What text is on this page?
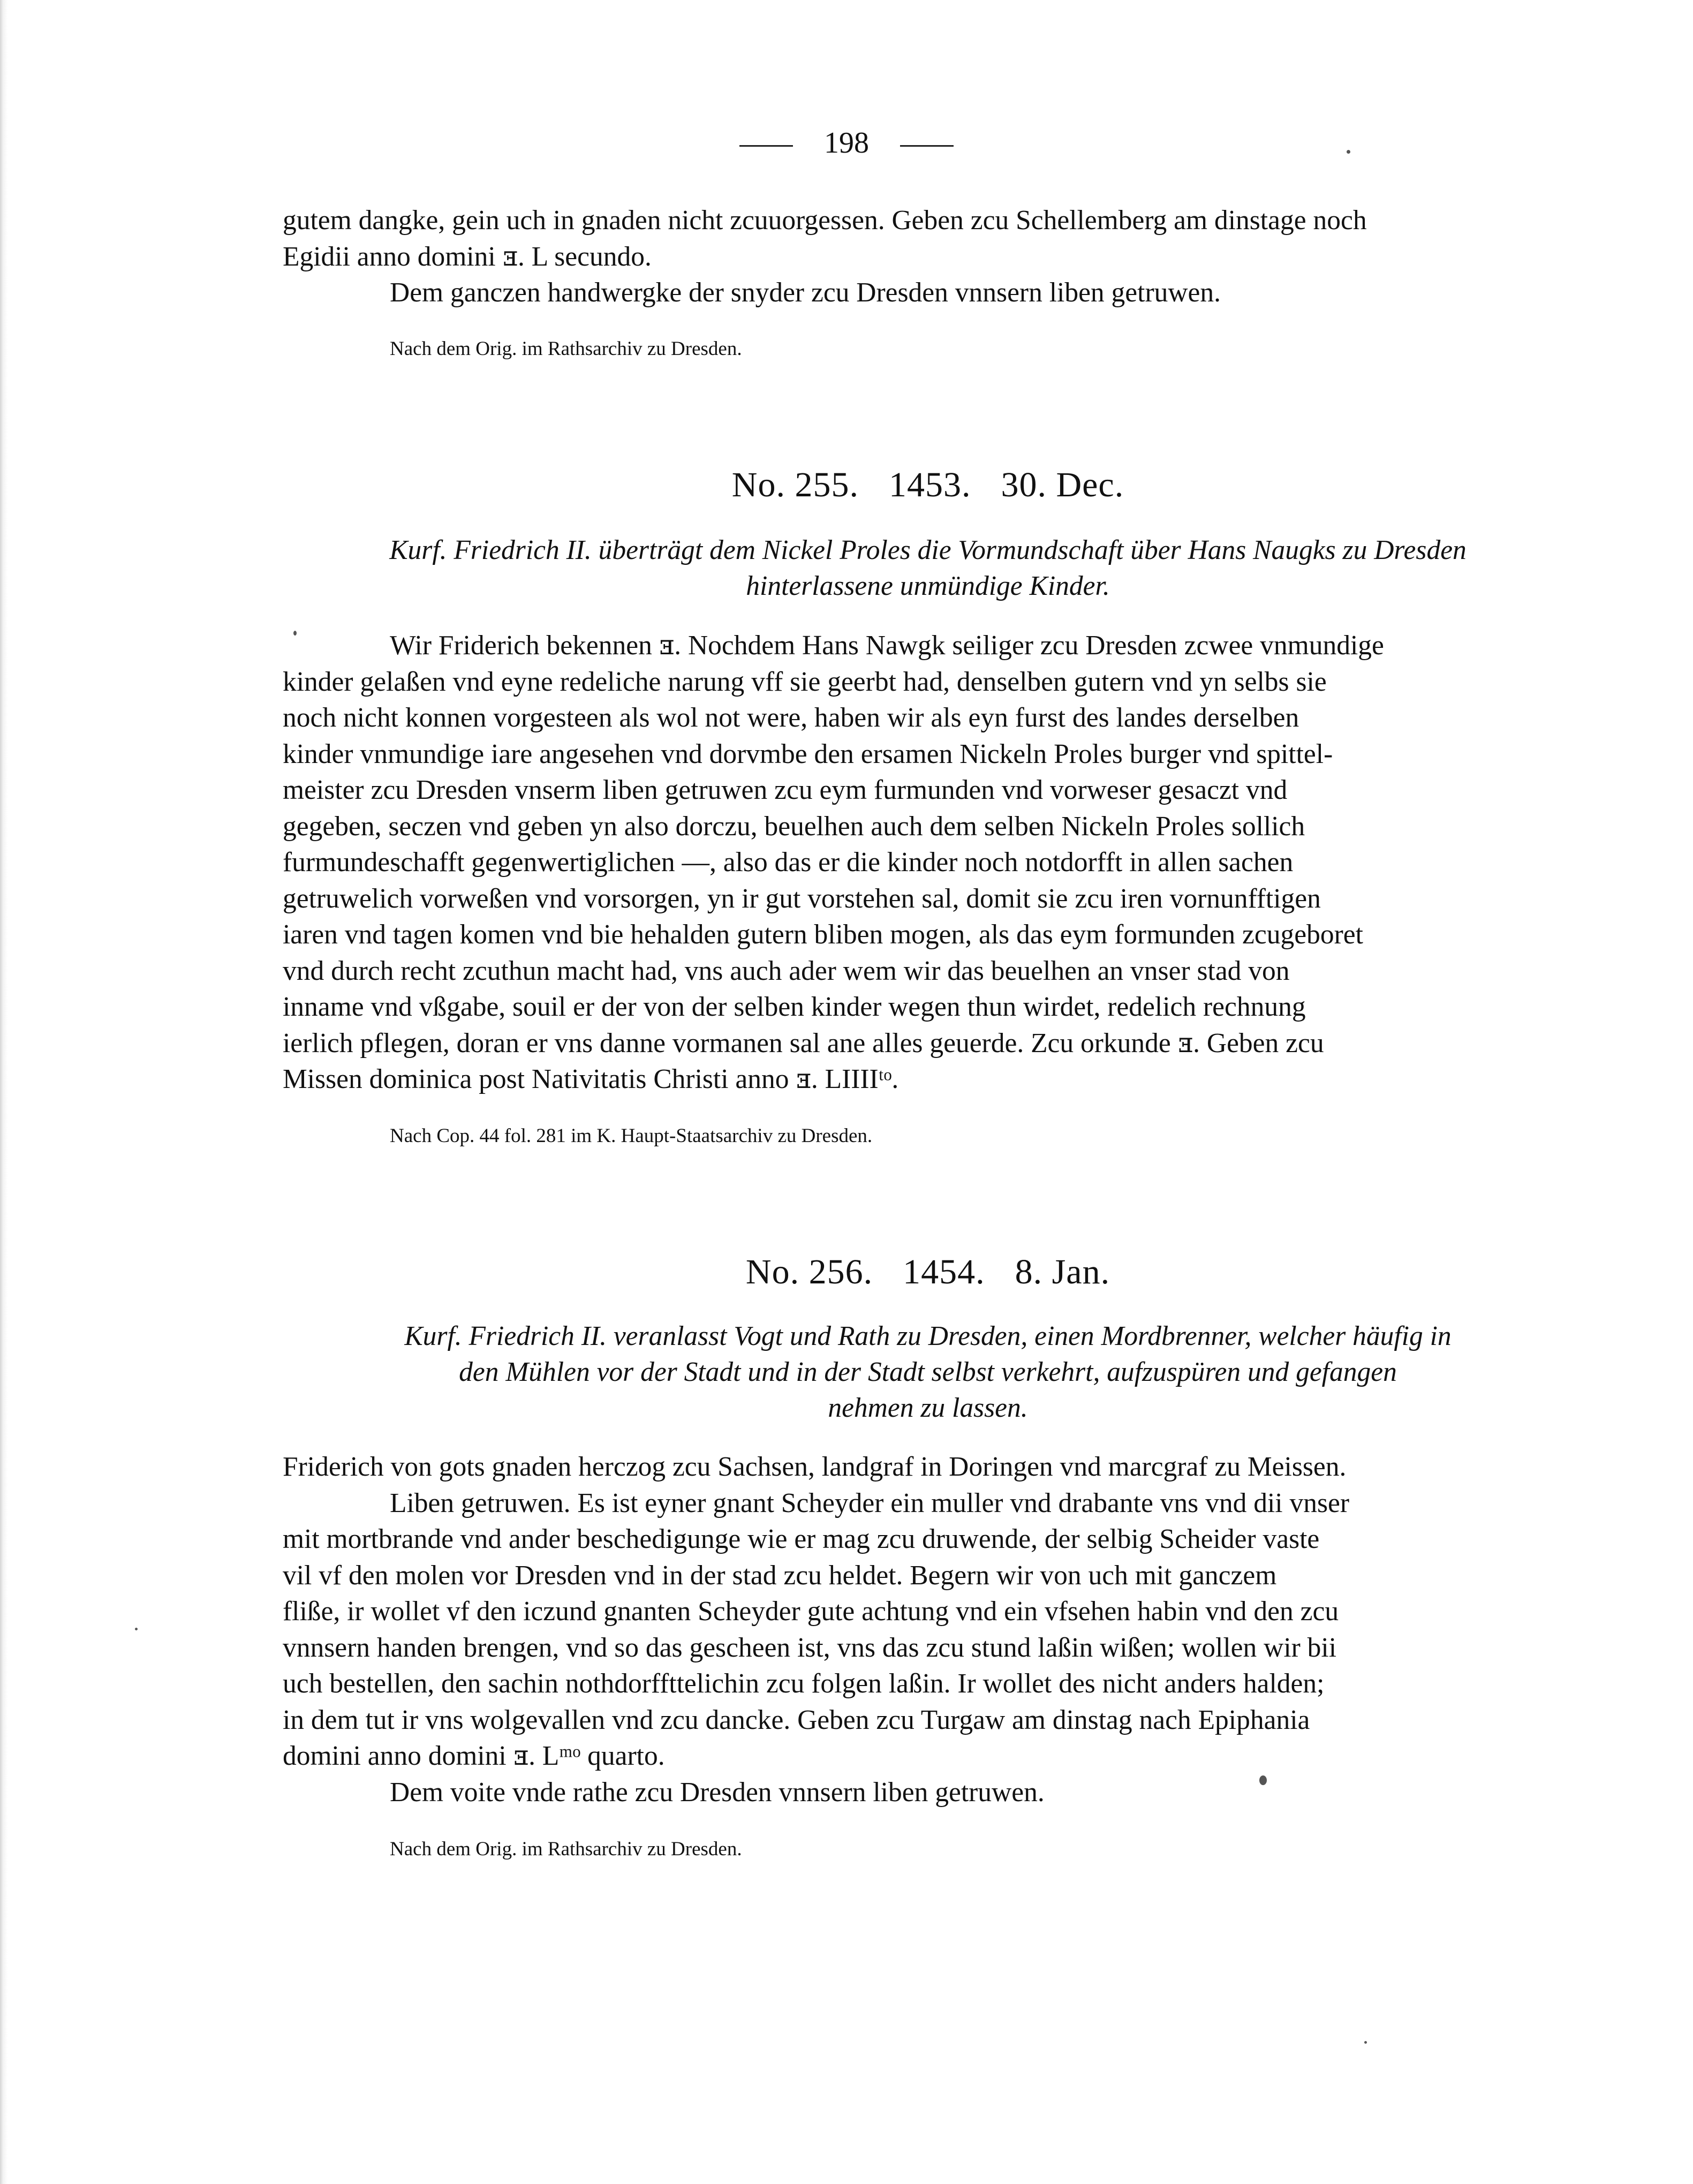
198

gutem dangke, gein uch in gnaden nicht zcuuorgessen. Geben zcu Schellemberg am dinstage noch

Egidii anno domini ⱻ. L secundo.

Dem ganczen handwergke der snyder zcu Dresden vnnsern liben getruwen.

Nach dem Orig. im Rathsarchiv zu Dresden.

No. 255. 1453. 30. Dec.
Kurf. Friedrich II. überträgt dem Nickel Proles die Vormundschaft über Hans Naugks zu Dresden
hinterlassene unmündige Kinder.

Wir Friderich bekennen ⱻ. Nochdem Hans Nawgk seiliger zcu Dresden zcwee vnmundige

kinder gelaßen vnd eyne redeliche narung vff sie geerbt had, denselben gutern vnd yn selbs sie

noch nicht konnen vorgesteen als wol not were, haben wir als eyn furst des landes derselben

kinder vnmundige iare angesehen vnd dorvmbe den ersamen Nickeln Proles burger vnd spittel-

meister zcu Dresden vnserm liben getruwen zcu eym furmunden vnd vorweser gesaczt vnd

gegeben, seczen vnd geben yn also dorczu, beuelhen auch dem selben Nickeln Proles sollich

furmundeschafft gegenwertiglichen —, also das er die kinder noch notdorfft in allen sachen

getruwelich vorweßen vnd vorsorgen, yn ir gut vorstehen sal, domit sie zcu iren vornunfftigen

iaren vnd tagen komen vnd bie hehalden gutern bliben mogen, als das eym formunden zcugeboret

vnd durch recht zcuthun macht had, vns auch ader wem wir das beuelhen an vnser stad von

inname vnd vßgabe, souil er der von der selben kinder wegen thun wirdet, redelich rechnung

ierlich pflegen, doran er vns danne vormanen sal ane alles geuerde. Zcu orkunde ⱻ. Geben zcu

Missen dominica post Nativitatis Christi anno ⱻ. LIIIIᵗᵒ.

Nach Cop. 44 fol. 281 im K. Haupt-Staatsarchiv zu Dresden.

No. 256. 1454. 8. Jan.
Kurf. Friedrich II. veranlasst Vogt und Rath zu Dresden, einen Mordbrenner, welcher häufig in
den Mühlen vor der Stadt und in der Stadt selbst verkehrt, aufzuspüren und gefangen
nehmen zu lassen.

Friderich von gots gnaden herczog zcu Sachsen, landgraf in Doringen vnd marcgraf zu Meissen.

Liben getruwen. Es ist eyner gnant Scheyder ein muller vnd drabante vns vnd dii vnser

mit mortbrande vnd ander beschedigunge wie er mag zcu druwende, der selbig Scheider vaste

vil vf den molen vor Dresden vnd in der stad zcu heldet. Begern wir von uch mit ganczem

fliße, ir wollet vf den iczund gnanten Scheyder gute achtung vnd ein vfsehen habin vnd den zcu

vnnsern handen brengen, vnd so das gescheen ist, vns das zcu stund laßin wißen; wollen wir bii

uch bestellen, den sachin nothdorffttelichin zcu folgen laßin. Ir wollet des nicht anders halden;

in dem tut ir vns wolgevallen vnd zcu dancke. Geben zcu Turgaw am dinstag nach Epiphania

domini anno domini ⱻ. Lᵐᵒ quarto.

Dem voite vnde rathe zcu Dresden vnnsern liben getruwen.

Nach dem Orig. im Rathsarchiv zu Dresden.
